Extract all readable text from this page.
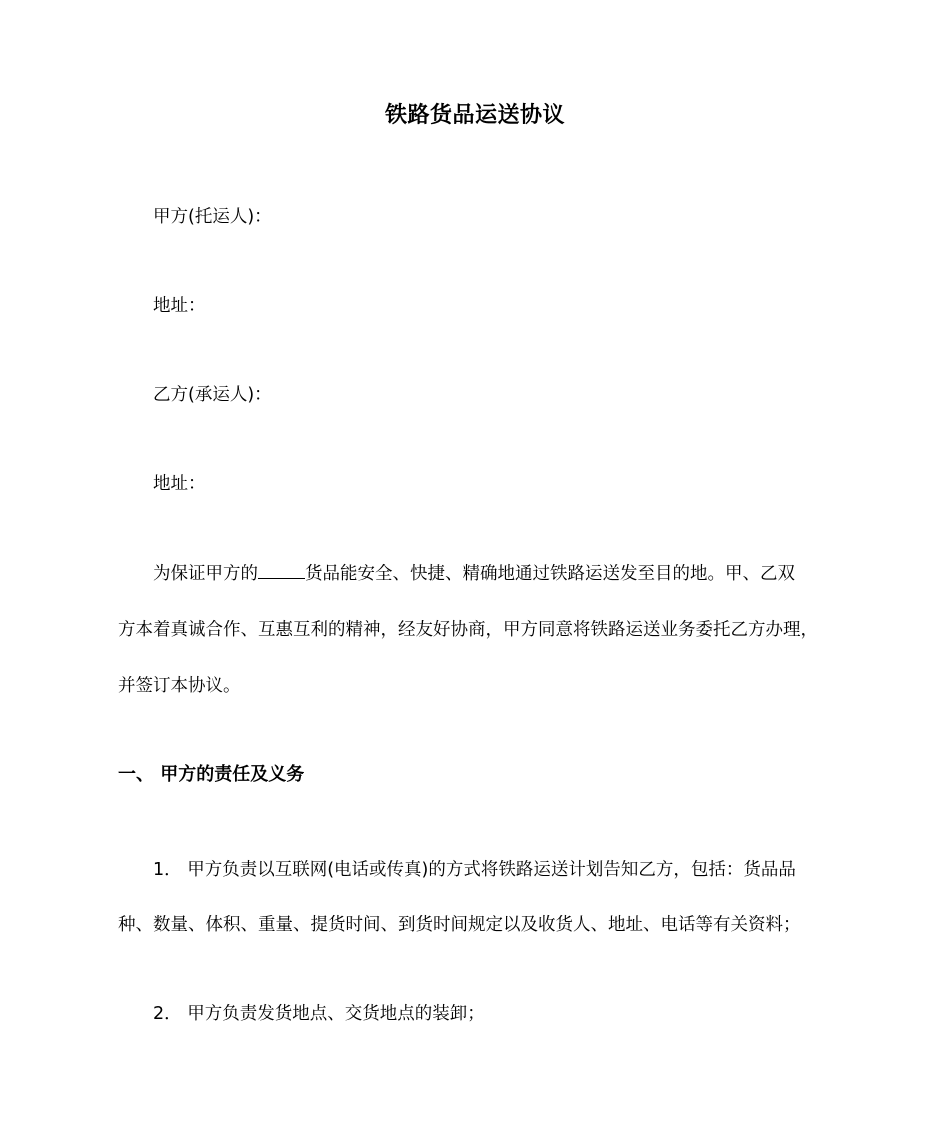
铁路货品运送协议
甲方(托运人)：
地址：
乙方(承运人)：
地址：
为保证甲方的	货品能安全、快捷、精确地通过铁路运送发至目的地。甲、乙双
方本着真诚合作、互惠互利的精神，经友好协商，甲方同意将铁路运送业务委托乙方办理，
并签订本协议。
一、 甲方的责任及义务
1． 甲方负责以互联网(电话或传真)的方式将铁路运送计划告知乙方，包括：货品品
种、数量、体积、重量、提货时间、到货时间规定以及收货人、地址、电话等有关资料；
2． 甲方负责发货地点、交货地点的装卸；
